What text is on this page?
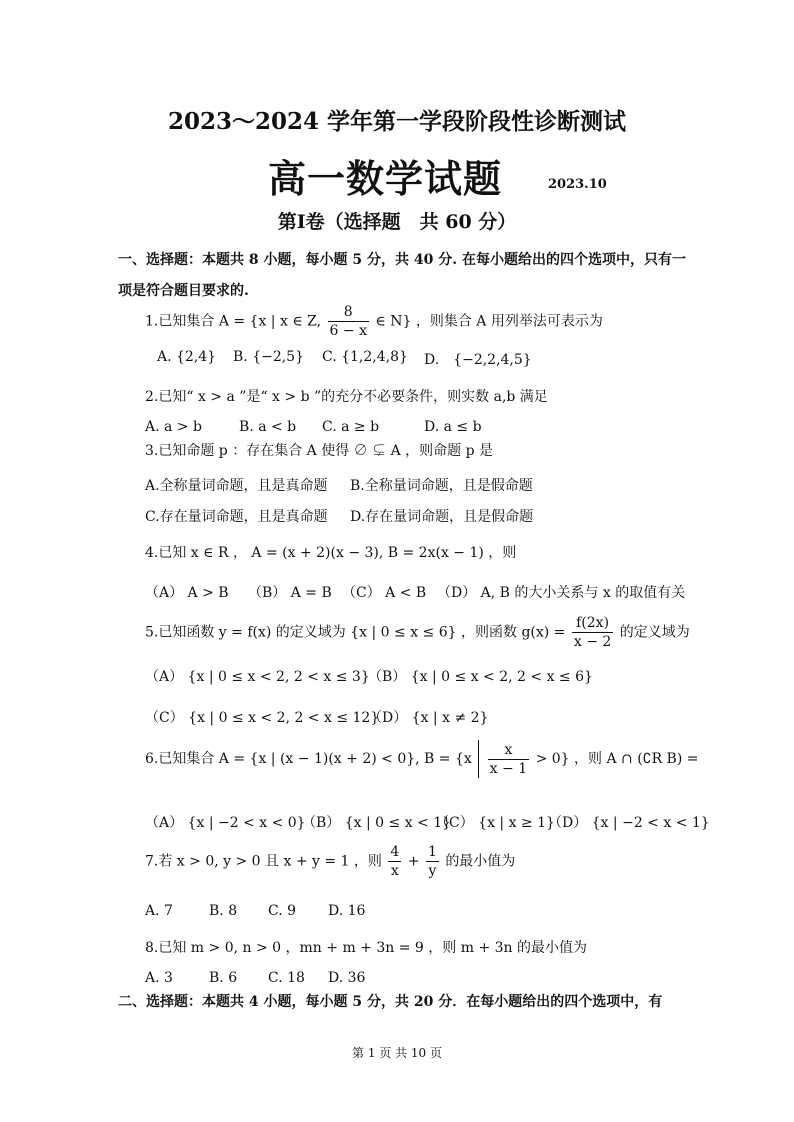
2023～2024 学年第一学段阶段性诊断测试
高一数学试题	2023.10
第Ⅰ卷（选择题　共 60 分）
一、选择题：本题共 8 小题，每小题 5 分，共 40 分. 在每小题给出的四个选项中，只有一
项是符合题目要求的.
1.已知集合 A = {x | x ∈ Z, $\frac{8}{6 - x}$ ∈ N} ，则集合 A 用列举法可表示为
A. {2,4} B. {−2,5} C. {1,2,4,8} D.　{−2,2,4,5}
2.已知“ x > a ”是“ x > b ”的充分不必要条件，则实数 a,b 满足
A. a > b	B. a < b C. a ≥ b	D. a ≤ b
3.已知命题 p ：存在集合 A 使得 ∅ ⊊ A ，则命题 p 是
A.全称量词命题，且是真命题 B.全称量词命题，且是假命题
C.存在量词命题，且是真命题 D.存在量词命题，且是假命题
4.已知 x ∈ R ， A = (x + 2)(x − 3), B = 2x(x − 1) ，则
（A） A > B （B） A = B （C） A < B （D） A, B 的大小关系与 x 的取值有关
5.已知函数 y = f(x) 的定义域为 {x | 0 ≤ x ≤ 6} ，则函数 $g(x) = \frac{f(2x)}{x - 2}$ 的定义域为
（A） {x | 0 ≤ x < 2, 2 < x ≤ 3}
（B） {x | 0 ≤ x < 2, 2 < x ≤ 6}
（C） {x | 0 ≤ x < 2, 2 < x ≤ 12}
（D） {x | x ≠ 2}
6.已知集合 A = {x | (x − 1)(x + 2) < 0}, $B = \{x \frac{x}{x - 1} > 0\}$ ，则 A ∩ (∁R B) =
（A） {x | −2 < x < 0}
（B） {x | 0 ≤ x < 1}
（C） {x | x ≥ 1}
（D） {x | −2 < x < 1}
7.若 x > 0, y > 0 且 x + y = 1 ，则 $\frac{4}{x} + \frac{1}{y}$ 的最小值为
A. 7	B. 8 C. 9 D. 16
8.已知 m > 0, n > 0 ，mn + m + 3n = 9 ，则 m + 3n 的最小值为
A. 3	B. 6 C. 18 D. 36
二、选择题：本题共 4 小题，每小题 5 分，共 20 分．在每小题给出的四个选项中，有
第 1 页 共 10 页
